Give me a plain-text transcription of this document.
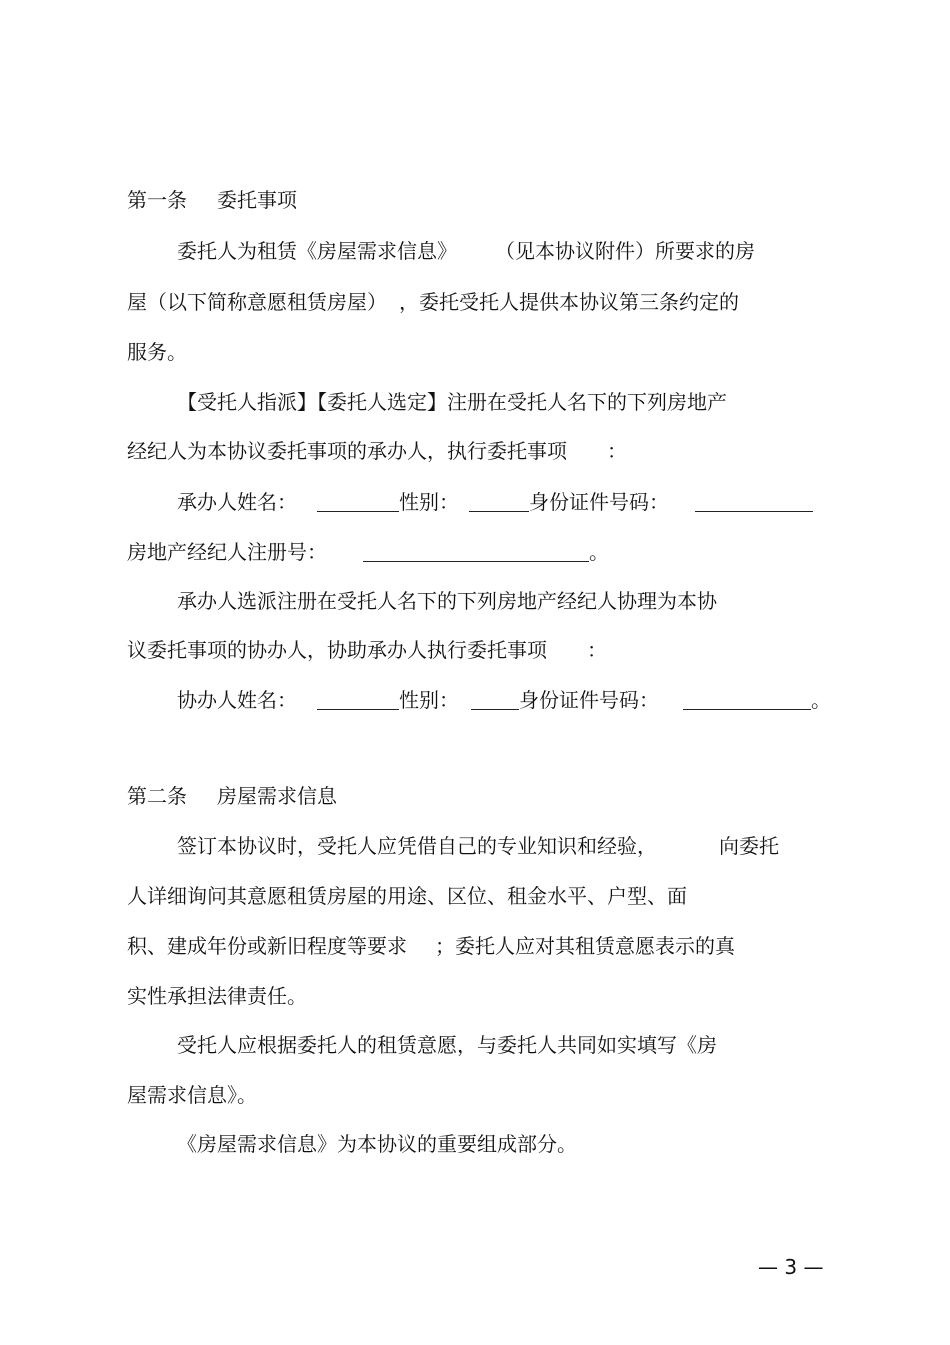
第一条 委托事项
委托人为租赁《房屋需求信息》 （见本协议附件）所要求的房
屋（以下简称意愿租赁房屋） ，委托受托人提供本协议第三条约定的
服务。
【受托人指派】【委托人选定】注册在受托人名下的下列房地产
经纪人为本协议委托事项的承办人，执行委托事项 ：
承办人姓名：	性别：	身份证件号码：
房地产经纪人注册号：	。
承办人选派注册在受托人名下的下列房地产经纪人协理为本协
议委托事项的协办人，协助承办人执行委托事项 ：
协办人姓名：	性别：	身份证件号码：	。
第二条 房屋需求信息
签订本协议时，受托人应凭借自己的专业知识和经验，	向委托
人详细询问其意愿租赁房屋的用途、区位、租金水平、户型、面
积、建成年份或新旧程度等要求 ；委托人应对其租赁意愿表示的真
实性承担法律责任。
受托人应根据委托人的租赁意愿，与委托人共同如实填写《房
屋需求信息》。
《房屋需求信息》为本协议的重要组成部分。
— 3 —
